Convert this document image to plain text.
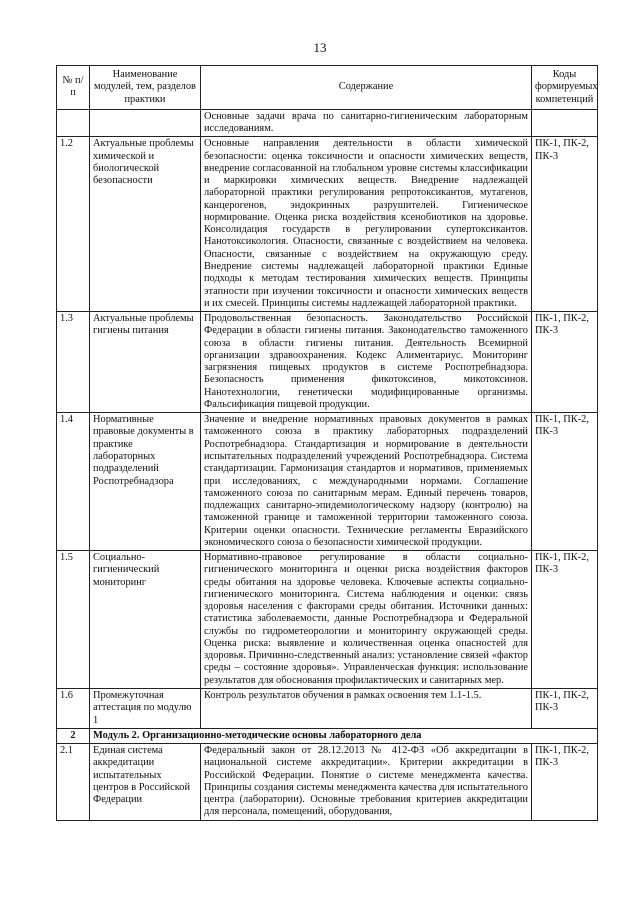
13
№ п/п	Наименование модулей, тем, разделов практики	Содержание	Коды формируемых компетенций
		Основные задачи врача по санитарно-гигиеническим лабораторным исследованиям.	
1.2	Актуальные проблемы химической и биологической безопасности	Основные направления деятельности в области химической безопасности: оценка токсичности и опасности химических веществ, внедрение согласованной на глобальном уровне системы классификации и маркировки химических веществ. Внедрение надлежащей лабораторной практики регулирования репротоксикантов, мутагенов, канцерогенов, эндокринных разрушителей. Гигиеническое нормирование. Оценка риска воздействия ксенобиотиков на здоровье. Консолидация государств в регулировании супертоксикантов. Нанотоксикология. Опасности, связанные с воздействием на человека. Опасности, связанные с воздействием на окружающую среду. Внедрение системы надлежащей лабораторной практики Единые подходы к методам тестирования химических веществ. Принципы этапности при изучении токсичности и опасности химических веществ и их смесей. Принципы системы надлежащей лабораторной практики.	ПК-1, ПК-2, ПК-3
1.3	Актуальные проблемы гигиены питания	Продовольственная безопасность. Законодательство Российской Федерации в области гигиены питания. Законодательство таможенного союза в области гигиены питания. Деятельность Всемирной организации здравоохранения. Кодекс Алиментариус. Мониторинг загрязнения пищевых продуктов в системе Роспотребнадзора. Безопасность применения фикотоксинов, микотоксинов. Нанотехнологии, генетически модифицированные организмы. Фальсификация пищевой продукции.	ПК-1, ПК-2, ПК-3
1.4	Нормативные правовые документы в практике лабораторных подразделений Роспотребнадзора	Значение и внедрение нормативных правовых документов в рамках таможенного союза в практику лабораторных подразделений Роспотребнадзора. Стандартизация и нормирование в деятельности испытательных подразделений учреждений Роспотребнадзора. Система стандартизации. Гармонизация стандартов и нормативов, применяемых при исследованиях, с международными нормами. Соглашение таможенного союза по санитарным мерам. Единый перечень товаров, подлежащих санитарно-эпидемиологическому надзору (контролю) на таможенной границе и таможенной территории таможенного союза. Критерии оценки опасности. Технические регламенты Евразийского экономического союза о безопасности химической продукции.	ПК-1, ПК-2, ПК-3
1.5	Социально-гигиенический мониторинг	Нормативно-правовое регулирование в области социально-гигиенического мониторинга и оценки риска воздействия факторов среды обитания на здоровье человека. Ключевые аспекты социально-гигиенического мониторинга. Система наблюдения и оценки: связь здоровья населения с факторами среды обитания. Источники данных: статистика заболеваемости, данные Роспотребнадзора и Федеральной службы по гидрометеорологии и мониторингу окружающей среды. Оценка риска: выявление и количественная оценка опасностей для здоровья. Причинно-следственный анализ: установление связей «фактор среды – состояние здоровья». Управленческая функция: использование результатов для обоснования профилактических и санитарных мер.	ПК-1, ПК-2, ПК-3
1.6	Промежуточная аттестация по модулю 1	Контроль результатов обучения в рамках освоения тем 1.1-1.5.	ПК-1, ПК-2, ПК-3
2	Модуль 2. Организационно-методические основы лабораторного дела		
2.1	Единая система аккредитации испытательных центров в Российской Федерации	Федеральный закон от 28.12.2013 № 412-ФЗ «Об аккредитации в национальной системе аккредитации». Критерии аккредитации в Российской Федерации. Понятие о системе менеджмента качества. Принципы создания системы менеджмента качества для испытательного центра (лаборатории). Основные требования критериев аккредитации для персонала, помещений, оборудования,	ПК-1, ПК-2, ПК-3
